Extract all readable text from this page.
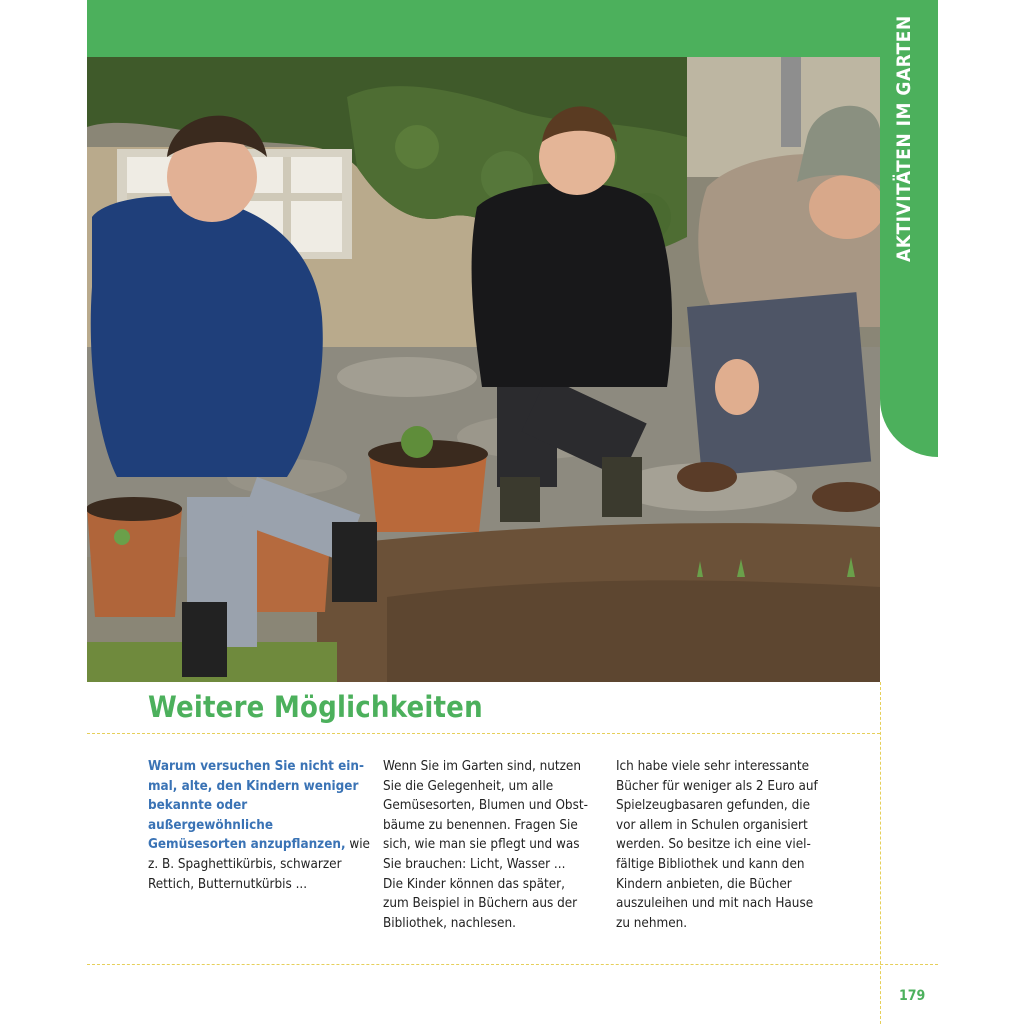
AKTIVITÄTEN IM GARTEN
Weitere Möglichkeiten

Warum versuchen Sie nicht ein-
mal, alte, den Kindern weniger
bekannte oder außergewöhnliche
Gemüsesorten anzupflanzen, wie
z. B. Spaghettikürbis, schwarzer
Rettich, Butternutkürbis ...

Wenn Sie im Garten sind, nutzen
Sie die Gelegenheit, um alle
Gemüsesorten, Blumen und Obst-
bäume zu benennen. Fragen Sie
sich, wie man sie pflegt und was
Sie brauchen: Licht, Wasser ...
Die Kinder können das später,
zum Beispiel in Büchern aus der
Bibliothek, nachlesen.

Ich habe viele sehr interessante
Bücher für weniger als 2 Euro auf
Spielzeugbasaren gefunden, die
vor allem in Schulen organisiert
werden. So besitze ich eine viel-
fältige Bibliothek und kann den
Kindern anbieten, die Bücher
auszuleihen und mit nach Hause
zu nehmen.

179
